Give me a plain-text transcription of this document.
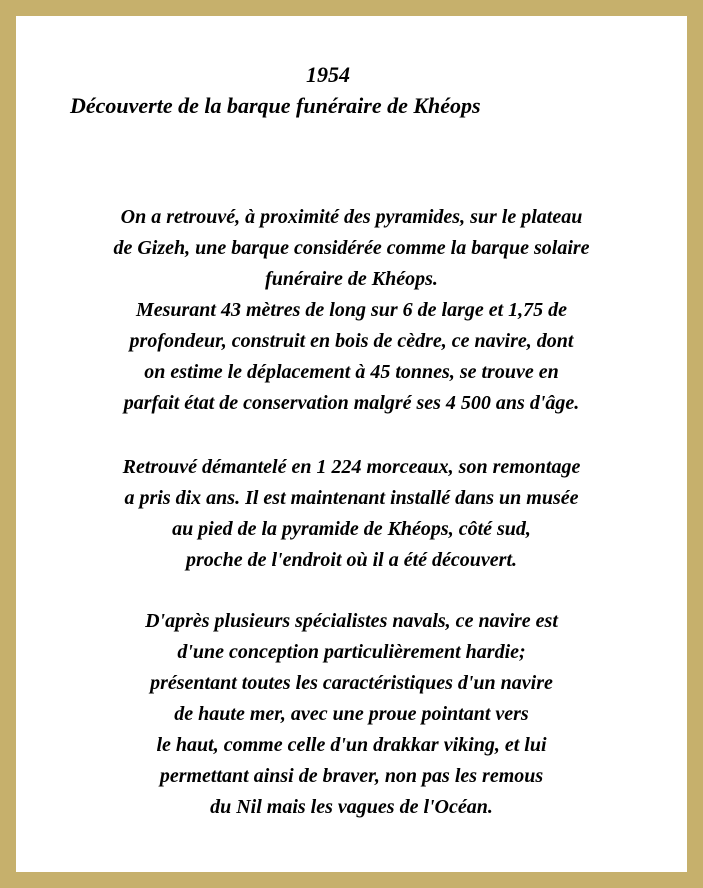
1954
Découverte de la barque funéraire de Khéops
On a retrouvé, à proximité des pyramides, sur le plateau
de Gizeh, une barque considérée comme la barque solaire
funéraire de Khéops.
Mesurant 43 mètres de long sur 6 de large et 1,75 de
profondeur, construit en bois de cèdre, ce navire, dont
on estime le déplacement à 45 tonnes, se trouve en
parfait état de conservation malgré ses 4 500 ans d'âge.
Retrouvé démantelé en 1 224 morceaux, son remontage
a pris dix ans. Il est maintenant installé dans un musée
au pied de la pyramide de Khéops, côté sud,
proche de l'endroit où il a été découvert.
D'après plusieurs spécialistes navals, ce navire est
d'une conception particulièrement hardie;
présentant toutes les caractéristiques d'un navire
de haute mer, avec une proue pointant vers
le haut, comme celle d'un drakkar viking, et lui
permettant ainsi de braver, non pas les remous
du Nil mais les vagues de l'Océan.
